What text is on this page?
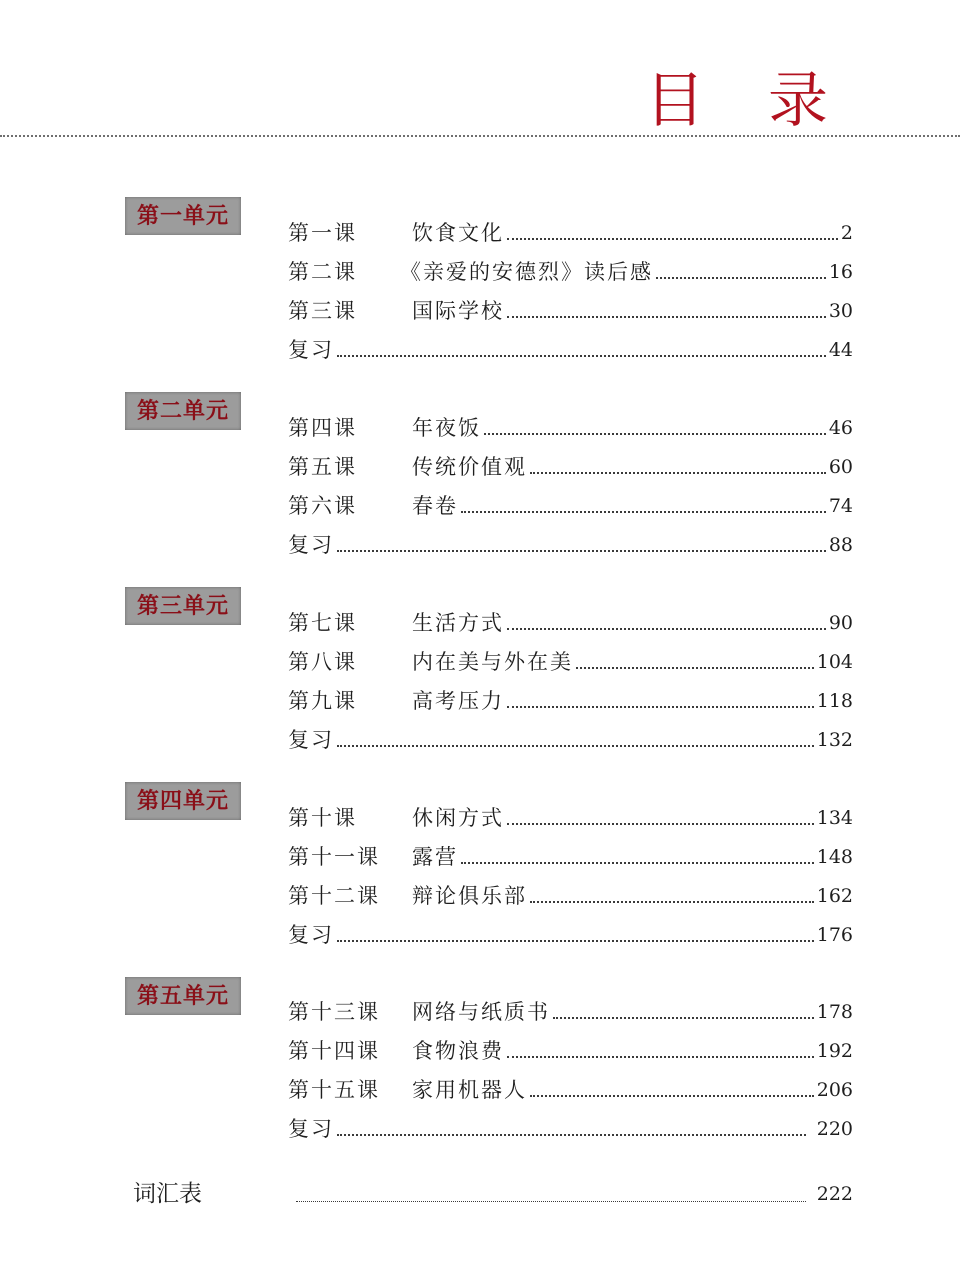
目 录
第一单元
第一课	饮食文化	2
第二课	《亲爱的安德烈》读后感	16
第三课	国际学校	30
复习	44
第二单元
第四课	年夜饭	46
第五课	传统价值观	60
第六课	春卷	74
复习	88
第三单元
第七课	生活方式	90
第八课	内在美与外在美	104
第九课	高考压力	118
复习	132
第四单元
第十课	休闲方式	134
第十一课	露营	148
第十二课	辩论俱乐部	162
复习	176
第五单元
第十三课	网络与纸质书	178
第十四课	食物浪费	192
第十五课	家用机器人	206
复习	220
词汇表	222
